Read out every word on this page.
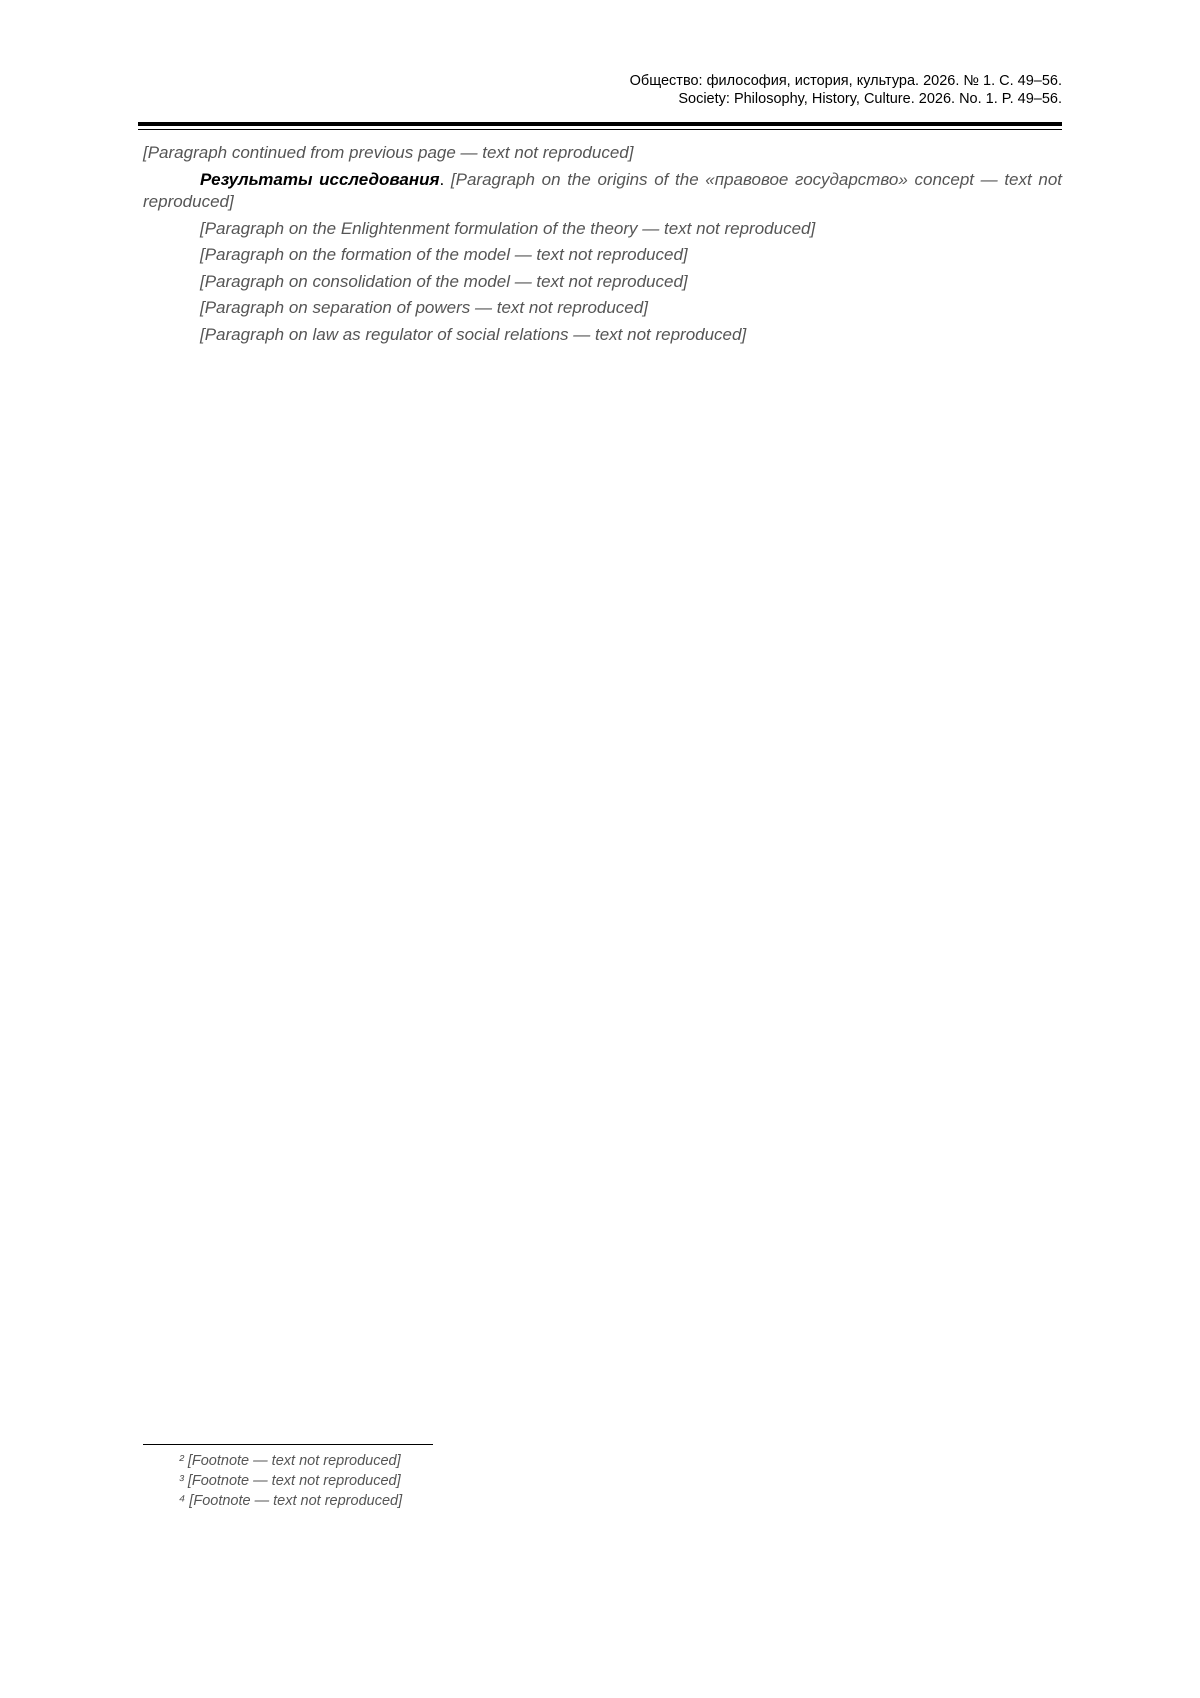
Общество: философия, история, культура. 2026. № 1. С. 49–56.
Society: Philosophy, History, Culture. 2026. No. 1. P. 49–56.

[Paragraph continued from previous page — text not reproduced]

Результаты исследования. [Paragraph on the origins of the «правовое государство» concept — text not reproduced]

[Paragraph on the Enlightenment formulation of the theory — text not reproduced]

[Paragraph on the formation of the model — text not reproduced]

[Paragraph on consolidation of the model — text not reproduced]

[Paragraph on separation of powers — text not reproduced]

[Paragraph on law as regulator of social relations — text not reproduced]

² [Footnote — text not reproduced]

³ [Footnote — text not reproduced]

⁴ [Footnote — text not reproduced]
